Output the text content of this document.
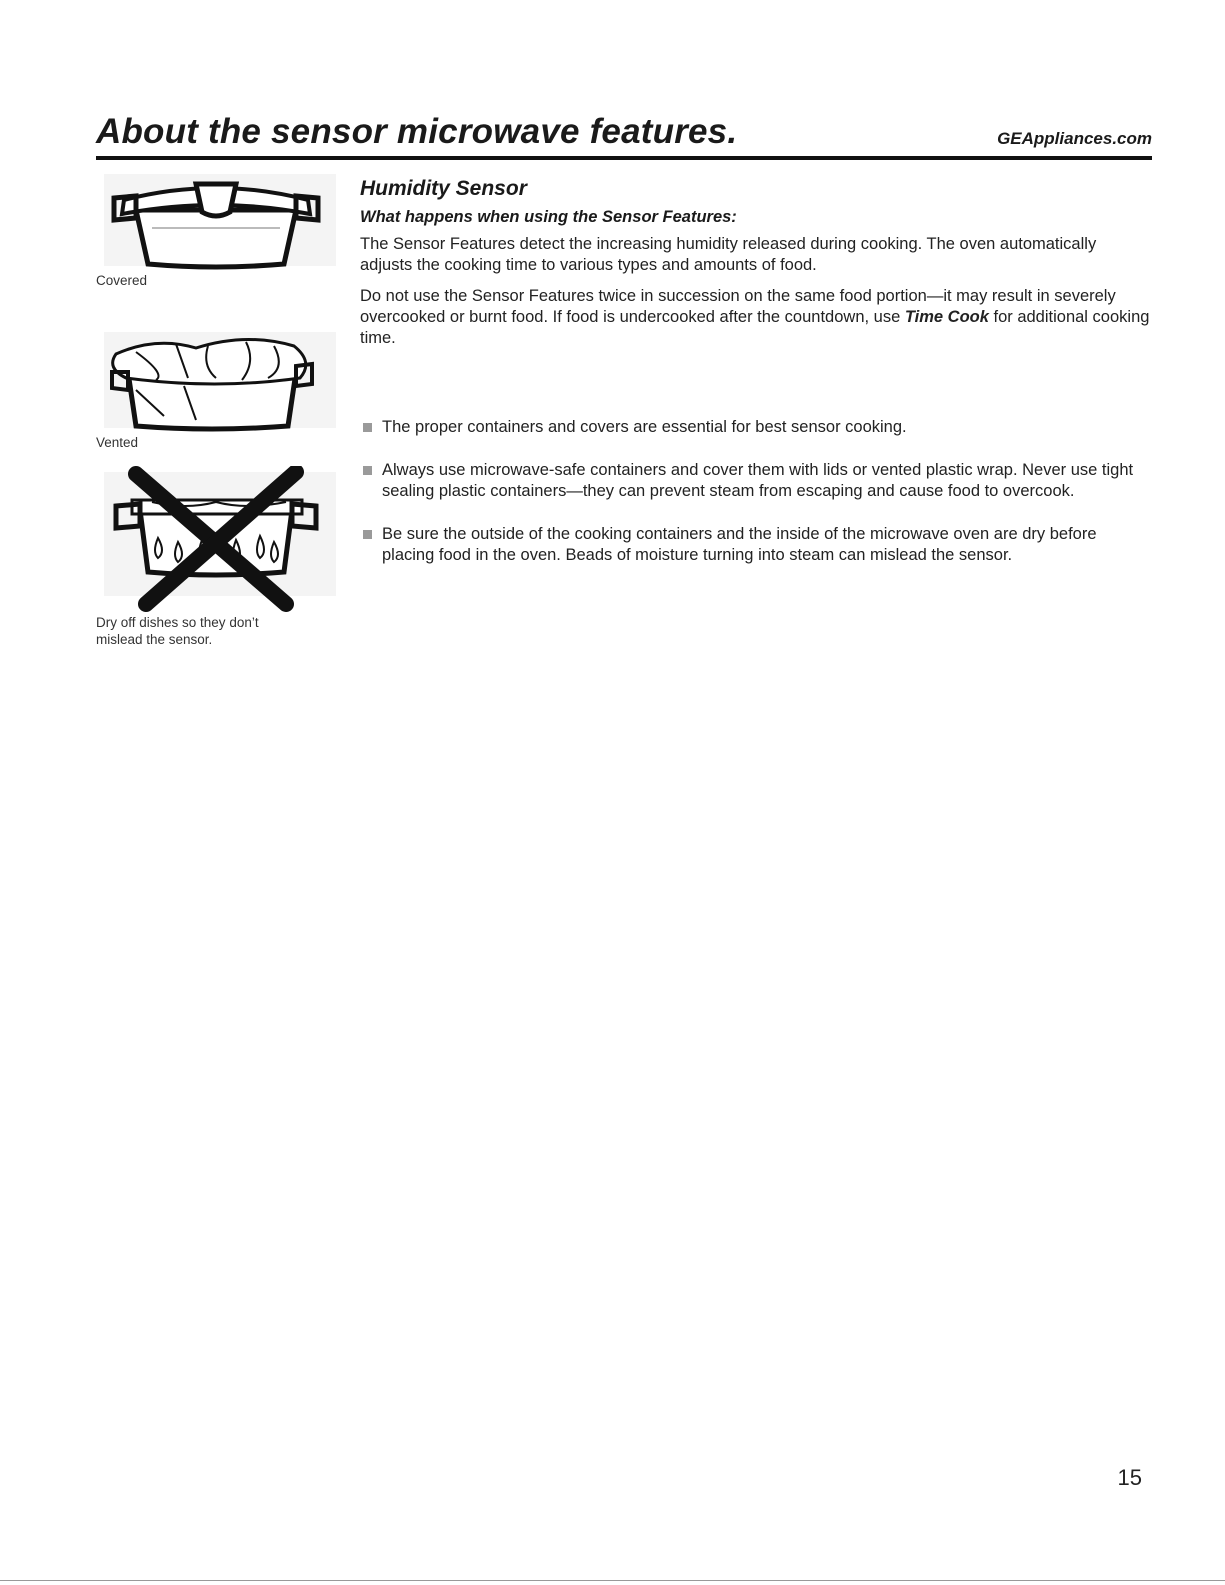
About the sensor microwave features.	GEAppliances.com
Covered
Vented
Dry off dishes so they don’t mislead the sensor.
Humidity Sensor
What happens when using the Sensor Features:

The Sensor Features detect the increasing humidity released during cooking. The oven automatically adjusts the cooking time to various types and amounts of food.

Do not use the Sensor Features twice in succession on the same food portion—it may result in severely overcooked or burnt food. If food is undercooked after the countdown, use Time Cook for additional cooking time.

The proper containers and covers are essential for best sensor cooking.
Always use microwave-safe containers and cover them with lids or vented plastic wrap. Never use tight sealing plastic containers—they can prevent steam from escaping and cause food to overcook.
Be sure the outside of the cooking containers and the inside of the microwave oven are dry before placing food in the oven. Beads of moisture turning into steam can mislead the sensor.
15
